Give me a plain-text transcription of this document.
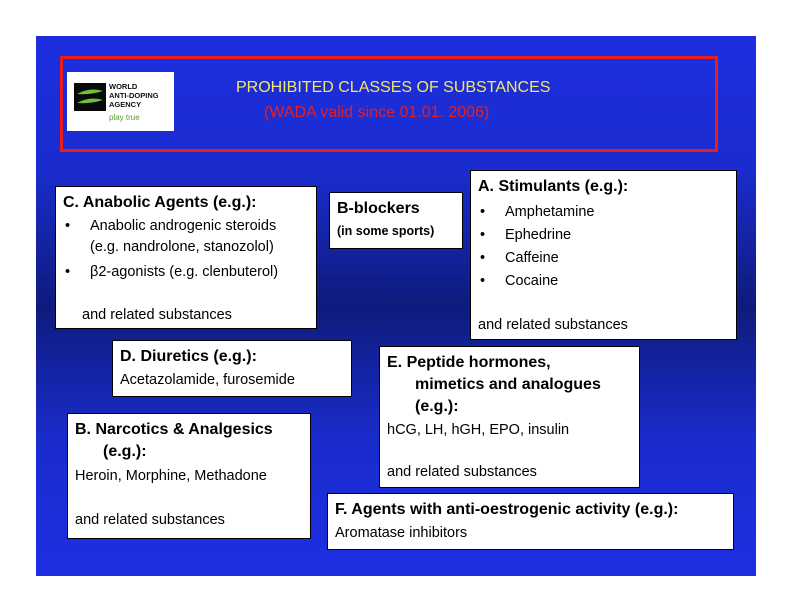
WORLD
ANTI-DOPING
AGENCY
play true
PROHIBITED CLASSES OF SUBSTANCES
(WADA valid since 01.01. 2006)
C. Anabolic Agents (e.g.):
• Anabolic androgenic steroids
(e.g. nandrolone, stanozolol)
• β2-agonists (e.g. clenbuterol)
and related substances
B-blockers
(in some sports)
A. Stimulants (e.g.):
• Amphetamine
• Ephedrine
• Caffeine
• Cocaine
and related substances
D. Diuretics (e.g.):
Acetazolamide, furosemide
E. Peptide hormones,
mimetics and analogues
(e.g.):
hCG, LH, hGH, EPO, insulin
and related substances
B. Narcotics & Analgesics
(e.g.):
Heroin, Morphine, Methadone
and related substances
F. Agents with anti-oestrogenic activity (e.g.):
Aromatase inhibitors
